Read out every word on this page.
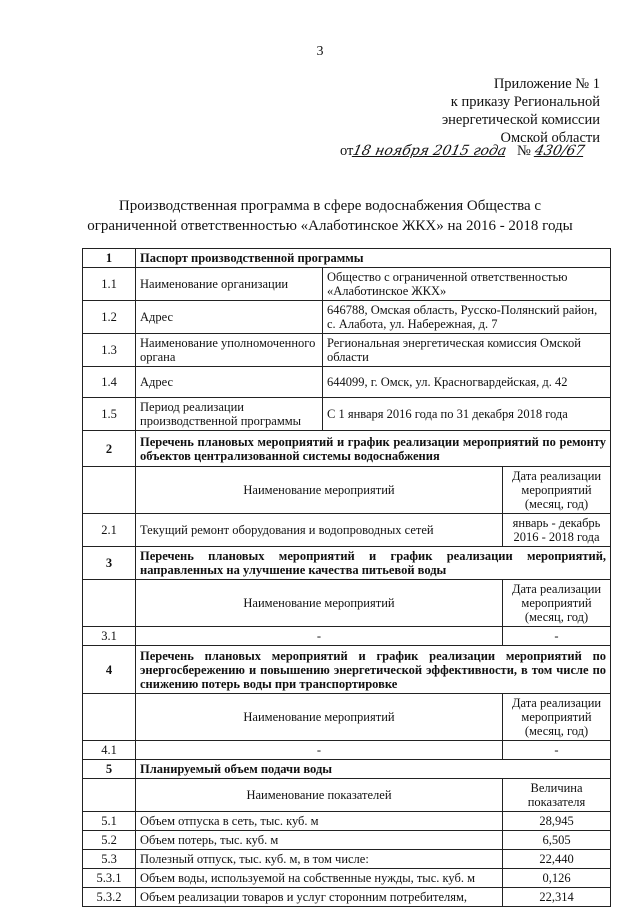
3
Приложение № 1
к приказу Региональной
энергетической комиссии
Омской области
от18 ноября 2015 года № 430/67
Производственная программа в сфере водоснабжения Общества с
ограниченной ответственностью «Алаботинское ЖКХ» на 2016 - 2018 годы
1	Паспорт производственной программы		
1.1	Наименование организации	Общество с ограниченной ответственностью «Алаботинское ЖКХ»	
1.2	Адрес	646788, Омская область, Русско-Полянский район, с. Алабота, ул. Набережная, д. 7	
1.3	Наименование уполномоченного органа	Региональная энергетическая комиссия Омской области	
1.4	Адрес	644099, г. Омск, ул. Красногвардейская, д. 42	
1.5	Период реализации производственной программы	С 1 января 2016 года по 31 декабря 2018 года	
2	Перечень плановых мероприятий и график реализации мероприятий по ремонту объектов централизованной системы водоснабжения		
	Наименование мероприятий		Дата реализации мероприятий (месяц, год)
2.1	Текущий ремонт оборудования и водопроводных сетей		январь - декабрь 2016 - 2018 года
3	Перечень плановых мероприятий и график реализации мероприятий, направленных на улучшение качества питьевой воды		
	Наименование мероприятий		Дата реализации мероприятий (месяц, год)
3.1	-		-
4	Перечень плановых мероприятий и график реализации мероприятий по энергосбережению и повышению энергетической эффективности, в том числе по снижению потерь воды при транспортировке		
	Наименование мероприятий		Дата реализации мероприятий (месяц, год)
4.1	-		-
5	Планируемый объем подачи воды		
	Наименование показателей		Величина показателя
5.1	Объем отпуска в сеть, тыс. куб. м		28,945
5.2	Объем потерь, тыс. куб. м		6,505
5.3	Полезный отпуск, тыс. куб. м, в том числе:		22,440
5.3.1	Объем воды, используемой на собственные нужды, тыс. куб. м		0,126
5.3.2	Объем реализации товаров и услуг сторонним потребителям,		22,314
